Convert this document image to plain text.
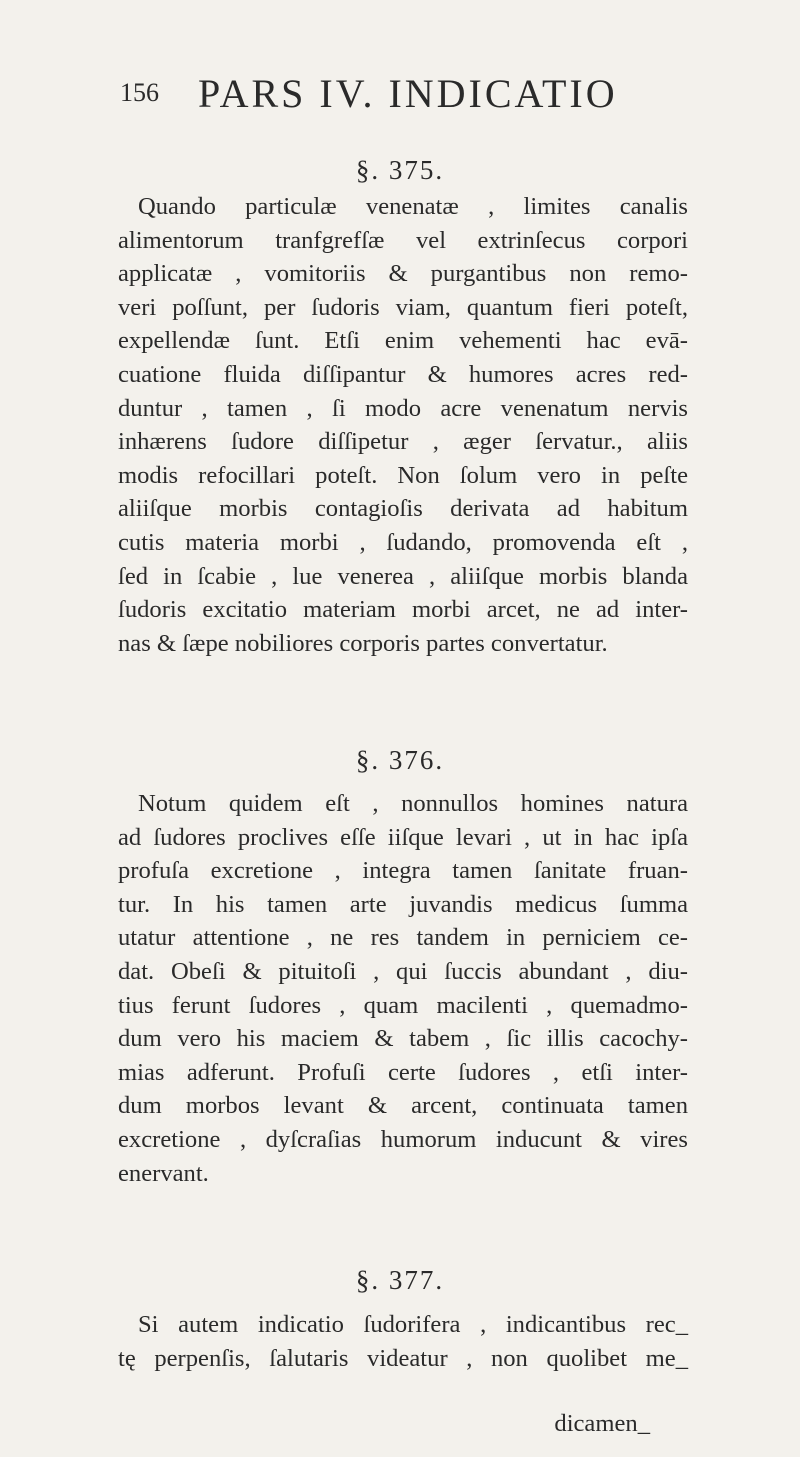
156 PARS IV. INDICATIO
§. 375.
Quando particulæ venenatæ , limites canalis
alimentorum tranfgrefſæ vel extrinſecus corpori
applicatæ , vomitoriis & purgantibus non remo-
veri poſſunt, per ſudoris viam, quantum fieri poteſt,
expellendæ ſunt. Etſi enim vehementi hac evā-
cuatione fluida diſſipantur & humores acres red-
duntur , tamen , ſi modo acre venenatum nervis
inhærens ſudore diſſipetur , æger ſervatur., aliis
modis refocillari poteſt. Non ſolum vero in peſte
aliiſque morbis contagioſis derivata ad habitum
cutis materia morbi , ſudando, promovenda eſt ,
ſed in ſcabie , lue venerea , aliiſque morbis blanda
ſudoris excitatio materiam morbi arcet, ne ad inter-
nas & ſæpe nobiliores corporis partes convertatur.
§. 376.
Notum quidem eſt , nonnullos homines natura
ad ſudores proclives eſſe iiſque levari , ut in hac ipſa
profuſa excretione , integra tamen ſanitate fruan-
tur. In his tamen arte juvandis medicus ſumma
utatur attentione , ne res tandem in perniciem ce-
dat. Obeſi & pituitoſi , qui ſuccis abundant , diu-
tius ferunt ſudores , quam macilenti , quemadmo-
dum vero his maciem & tabem , ſic illis cacochy-
mias adferunt. Profuſi certe ſudores , etſi inter-
dum morbos levant & arcent, continuata tamen
excretione , dyſcraſias humorum inducunt & vires
enervant.
§. 377.
Si autem indicatio ſudorifera , indicantibus rec_
tę perpenſis, ſalutaris videatur , non quolibet me_
dicamen_
